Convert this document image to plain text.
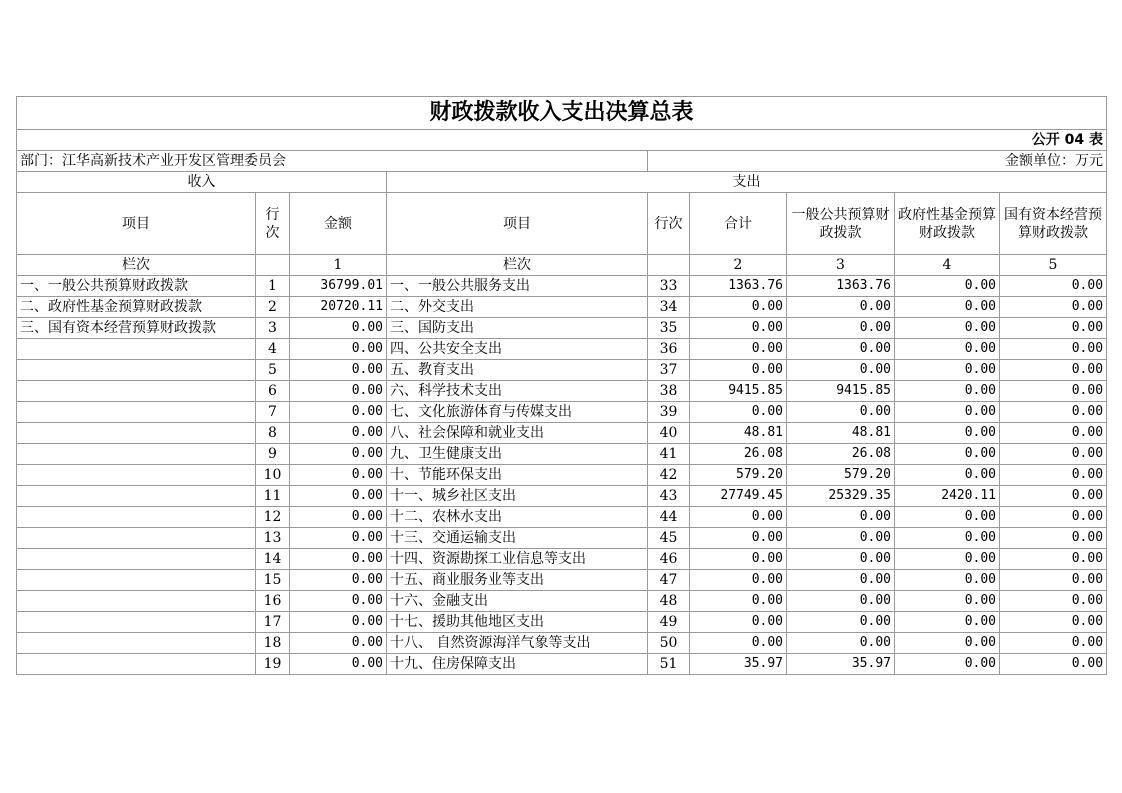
财政拨款收入支出决算总表								
公开 04 表								
部门：江华高新技术产业开发区管理委员会				金额单位：万元				
收入			支出					
项目	行次	金额	项目	行次	合计	一般公共预算财政拨款	政府性基金预算财政拨款	国有资本经营预算财政拨款
栏次		1	栏次		2	3	4	5
一、一般公共预算财政拨款	1	36799.01	一、一般公共服务支出	33	1363.76	1363.76	0.00	0.00
二、政府性基金预算财政拨款	2	20720.11	二、外交支出	34	0.00	0.00	0.00	0.00
三、国有资本经营预算财政拨款	3	0.00	三、国防支出	35	0.00	0.00	0.00	0.00
	4	0.00	四、公共安全支出	36	0.00	0.00	0.00	0.00
	5	0.00	五、教育支出	37	0.00	0.00	0.00	0.00
	6	0.00	六、科学技术支出	38	9415.85	9415.85	0.00	0.00
	7	0.00	七、文化旅游体育与传媒支出	39	0.00	0.00	0.00	0.00
	8	0.00	八、社会保障和就业支出	40	48.81	48.81	0.00	0.00
	9	0.00	九、卫生健康支出	41	26.08	26.08	0.00	0.00
	10	0.00	十、节能环保支出	42	579.20	579.20	0.00	0.00
	11	0.00	十一、城乡社区支出	43	27749.45	25329.35	2420.11	0.00
	12	0.00	十二、农林水支出	44	0.00	0.00	0.00	0.00
	13	0.00	十三、交通运输支出	45	0.00	0.00	0.00	0.00
	14	0.00	十四、资源勘探工业信息等支出	46	0.00	0.00	0.00	0.00
	15	0.00	十五、商业服务业等支出	47	0.00	0.00	0.00	0.00
	16	0.00	十六、金融支出	48	0.00	0.00	0.00	0.00
	17	0.00	十七、援助其他地区支出	49	0.00	0.00	0.00	0.00
	18	0.00	十八、 自然资源海洋气象等支出	50	0.00	0.00	0.00	0.00
	19	0.00	十九、住房保障支出	51	35.97	35.97	0.00	0.00
